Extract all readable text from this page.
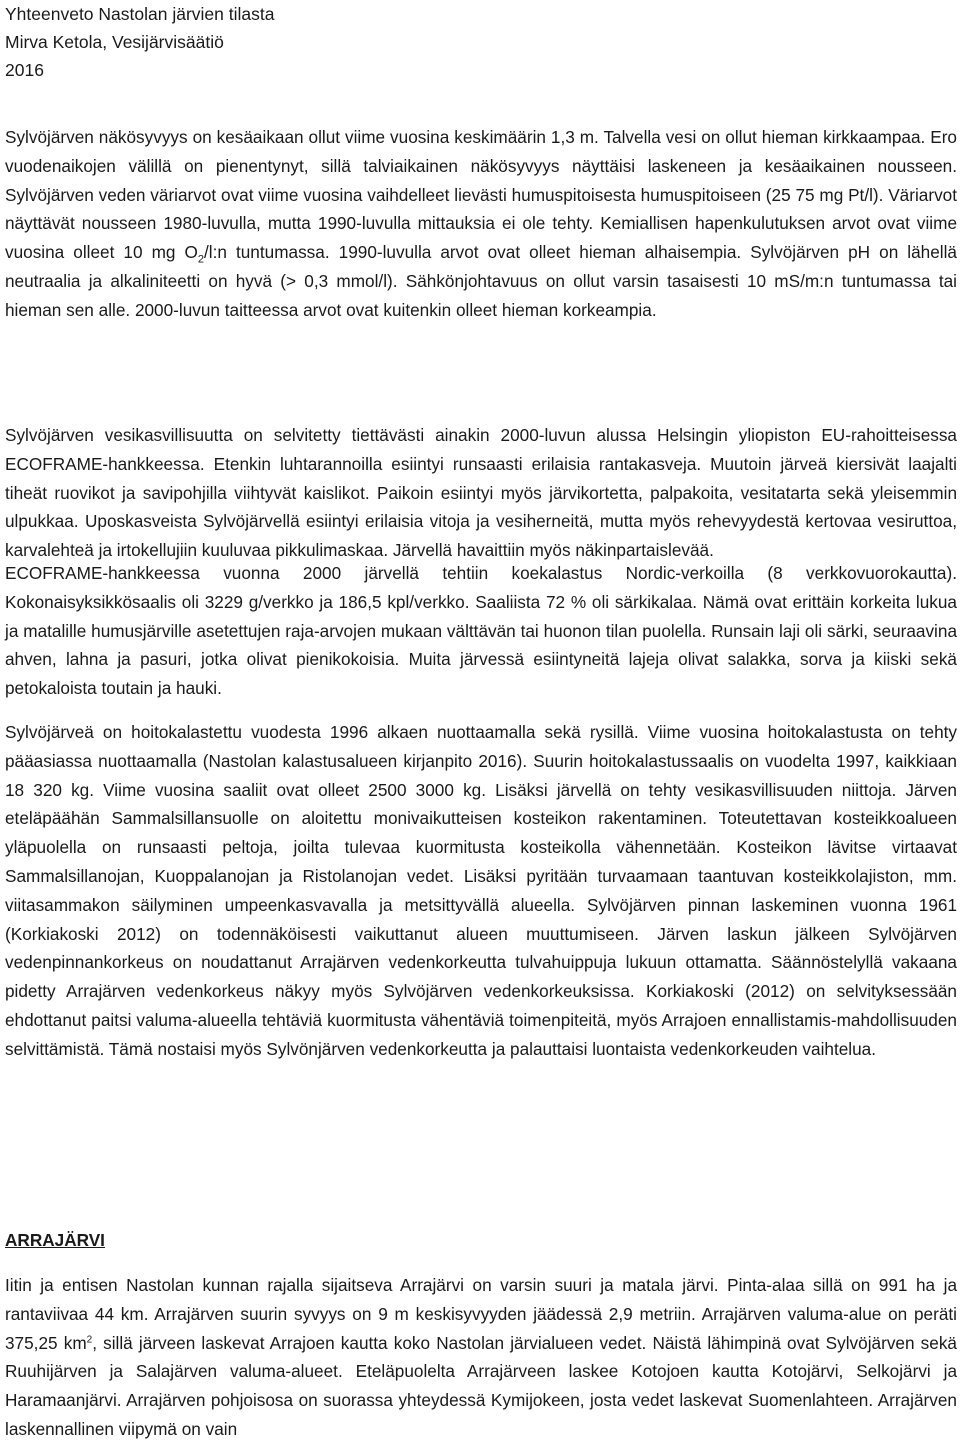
Yhteenveto Nastolan järvien tilasta

Mirva Ketola, Vesijärvisäätiö

2016

Sylvöjärven näkösyvyys on kesäaikaan ollut viime vuosina keskimäärin 1,3 m. Talvella vesi on ollut hieman kirkkaampaa. Ero vuodenaikojen välillä on pienentynyt, sillä talviaikainen näkösyvyys näyttäisi laskeneen ja kesäaikainen nousseen. Sylvöjärven veden väriarvot ovat viime vuosina vaihdelleet lievästi humuspitoisesta humuspitoiseen (25 75 mg Pt/l). Väriarvot näyttävät nousseen 1980-luvulla, mutta 1990-luvulla mittauksia ei ole tehty. Kemiallisen hapenkulutuksen arvot ovat viime vuosina olleet 10 mg $O_2/l:n$ tuntumassa. 1990-luvulla arvot ovat olleet hieman alhaisempia. Sylvöjärven pH on lähellä neutraalia ja alkaliniteetti on hyvä (> 0,3 mmol/l). Sähkönjohtavuus on ollut varsin tasaisesti 10 mS/m:n tuntumassa tai hieman sen alle. 2000-luvun taitteessa arvot ovat kuitenkin olleet hieman korkeampia.

Sylvöjärven vesikasvillisuutta on selvitetty tiettävästi ainakin 2000-luvun alussa Helsingin yliopiston EU-rahoitteisessa ECOFRAME-hankkeessa. Etenkin luhtarannoilla esiintyi runsaasti erilaisia rantakasveja. Muutoin järveä kiersivät laajalti tiheät ruovikot ja savipohjilla viihtyvät kaislikot. Paikoin esiintyi myös järvikortetta, palpakoita, vesitatarta sekä yleisemmin ulpukkaa. Uposkasveista Sylvöjärvellä esiintyi erilaisia vitoja ja vesiherneitä, mutta myös rehevyydestä kertovaa vesiruttoa, karvalehteä ja irtokellujiin kuuluvaa pikkulimaskaa. Järvellä havaittiin myös näkinpartaislevää.

ECOFRAME-hankkeessa vuonna 2000 järvellä tehtiin koekalastus Nordic-verkoilla (8 verkkovuorokautta). Kokonaisyksikkösaalis oli 3229 g/verkko ja 186,5 kpl/verkko. Saaliista 72 % oli särkikalaa. Nämä ovat erittäin korkeita lukua ja matalille humusjärville asetettujen raja-arvojen mukaan välttävän tai huonon tilan puolella. Runsain laji oli särki, seuraavina ahven, lahna ja pasuri, jotka olivat pienikokoisia. Muita järvessä esiintyneitä lajeja olivat salakka, sorva ja kiiski sekä petokaloista toutain ja hauki.

Sylvöjärveä on hoitokalastettu vuodesta 1996 alkaen nuottaamalla sekä rysillä. Viime vuosina hoitokalastusta on tehty pääasiassa nuottaamalla (Nastolan kalastusalueen kirjanpito 2016). Suurin hoitokalastussaalis on vuodelta 1997, kaikkiaan 18 320 kg. Viime vuosina saaliit ovat olleet 2500 3000 kg. Lisäksi järvellä on tehty vesikasvillisuuden niittoja. Järven eteläpäähän Sammalsillansuolle on aloitettu monivaikutteisen kosteikon rakentaminen. Toteutettavan kosteikkoalueen yläpuolella on runsaasti peltoja, joilta tulevaa kuormitusta kosteikolla vähennetään. Kosteikon lävitse virtaavat Sammalsillanojan, Kuoppalanojan ja Ristolanojan vedet. Lisäksi pyritään turvaamaan taantuvan kosteikkolajiston, mm. viitasammakon säilyminen umpeenkasvavalla ja metsittyvällä alueella. Sylvöjärven pinnan laskeminen vuonna 1961 (Korkiakoski 2012) on todennäköisesti vaikuttanut alueen muuttumiseen. Järven laskun jälkeen Sylvöjärven vedenpinnankorkeus on noudattanut Arrajärven vedenkorkeutta tulvahuippuja lukuun ottamatta. Säännöstelyllä vakaana pidetty Arrajärven vedenkorkeus näkyy myös Sylvöjärven vedenkorkeuksissa. Korkiakoski (2012) on selvityksessään ehdottanut paitsi valuma-alueella tehtäviä kuormitusta vähentäviä toimenpiteitä, myös Arrajoen ennallistamis-mahdollisuuden selvittämistä. Tämä nostaisi myös Sylvönjärven vedenkorkeutta ja palauttaisi luontaista vedenkorkeuden vaihtelua.

ARRAJÄRVI

Iitin ja entisen Nastolan kunnan rajalla sijaitseva Arrajärvi on varsin suuri ja matala järvi. Pinta-alaa sillä on 991 ha ja rantaviivaa 44 km. Arrajärven suurin syvyys on 9 m keskisyvyyden jäädessä 2,9 metriin. Arrajärven valuma-alue on peräti 375,25 $km^2$, sillä järveen laskevat Arrajoen kautta koko Nastolan järvialueen vedet. Näistä lähimpinä ovat Sylvöjärven sekä Ruuhijärven ja Salajärven valuma-alueet. Eteläpuolelta Arrajärveen laskee Kotojoen kautta Kotojärvi, Selkojärvi ja Haramaanjärvi. Arrajärven pohjoisosa on suorassa yhteydessä Kymijokeen, josta vedet laskevat Suomenlahteen. Arrajärven laskennallinen viipymä on vain
